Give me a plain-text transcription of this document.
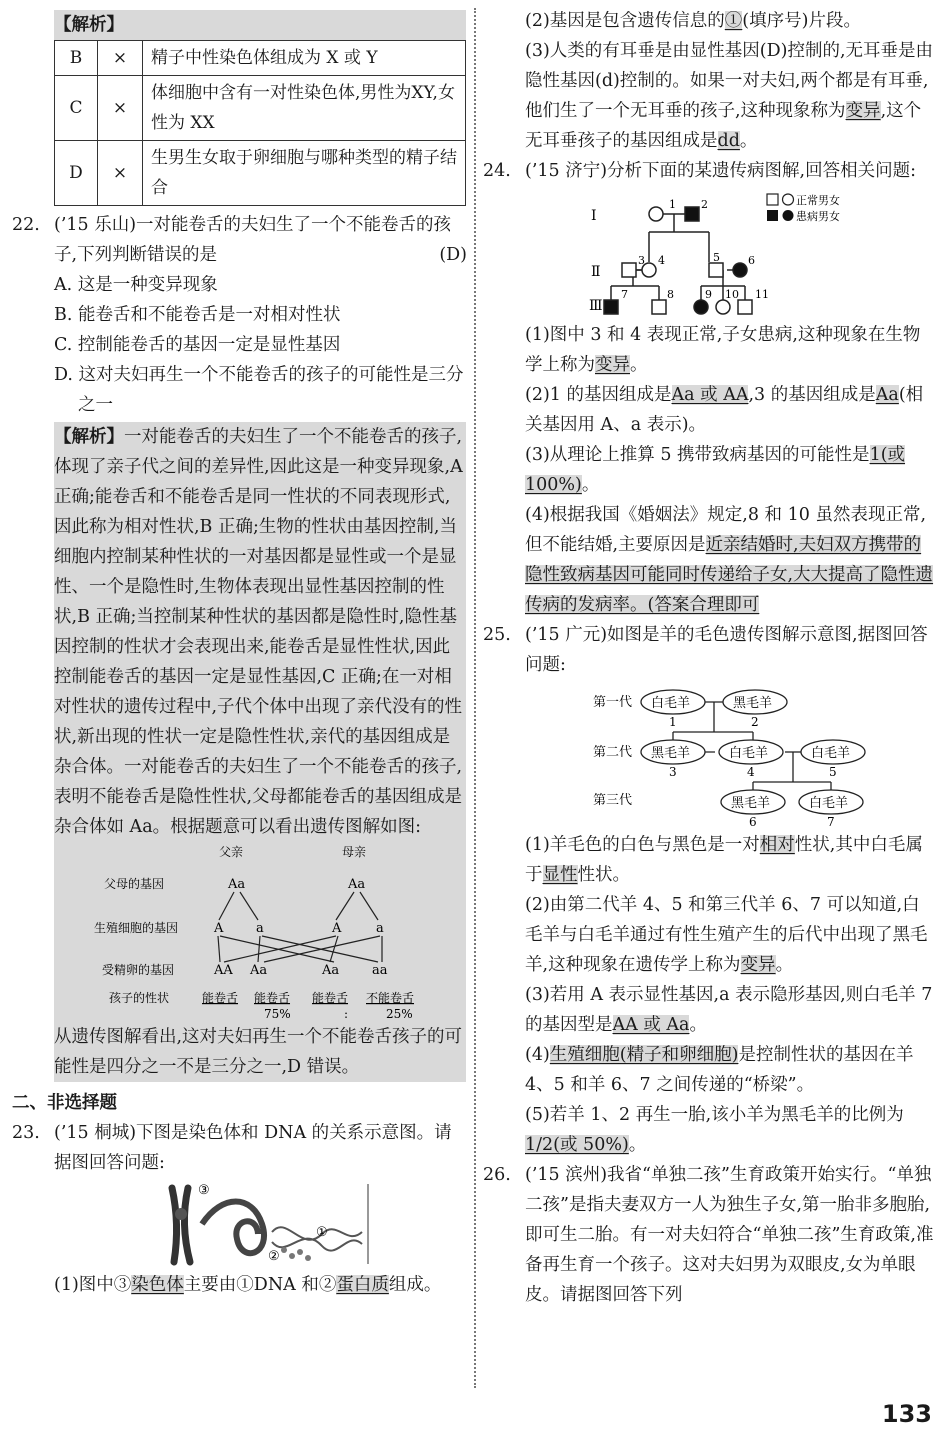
【解析】
B	×	精子中性染色体组成为 X 或 Y
C	×	体细胞中含有一对性染色体,男性为XY,女性为 XX
D	×	生男生女取于卵细胞与哪种类型的精子结合
22. (’15 乐山)一对能卷舌的夫妇生了一个不能卷舌的孩子,下列判断错误的是	(D)
A. 这是一种变异现象
B. 能卷舌和不能卷舌是一对相对性状
C. 控制能卷舌的基因一定是显性基因
D. 这对夫妇再生一个不能卷舌的孩子的可能性是三分之一
【解析】一对能卷舌的夫妇生了一个不能卷舌的孩子,体现了亲子代之间的差异性,因此这是一种变异现象,A 正确;能卷舌和不能卷舌是同一性状的不同表现形式,因此称为相对性状,B 正确;生物的性状由基因控制,当细胞内控制某种性状的一对基因都是显性或一个是显性、一个是隐性时,生物体表现出显性基因控制的性状,B 正确;当控制某种性状的基因都是隐性时,隐性基因控制的性状才会表现出来,能卷舌是显性性状,因此控制能卷舌的基因一定是显性基因,C 正确;在一对相对性状的遗传过程中,子代个体中出现了亲代没有的性状,新出现的性状一定是隐性性状,亲代的基因组成是杂合体。一对能卷舌的夫妇生了一个不能卷舌的孩子,表明不能卷舌是隐性性状,父母都能卷舌的基因组成是杂合体如 Aa。根据题意可以看出遗传图解如图:
父亲	母亲
父母的基因
生殖细胞的基因
受精卵的基因
孩子的性状
Aa	Aa
A	a	A	a
AA Aa	Aa	aa
能卷舌 能卷舌 能卷舌 不能卷舌
75%	:	25%
从遗传图解看出,这对夫妇再生一个不能卷舌孩子的可能性是四分之一不是三分之一,D 错误。
二、非选择题
23. (’15 桐城)下图是染色体和 DNA 的关系示意图。请据图回答问题:
③
①
②
(1)图中③染色体主要由①DNA 和②蛋白质组成。
(2)基因是包含遗传信息的①(填序号)片段。
(3)人类的有耳垂是由显性基因(D)控制的,无耳垂是由隐性基因(d)控制的。如果一对夫妇,两个都是有耳垂,他们生了一个无耳垂的孩子,这种现象称为变异,这个无耳垂孩子的基因组成是dd。
24. (’15 济宁)分析下面的某遗传病图解,回答相关问题:
Ⅰ
Ⅱ
Ⅲ
1 2
3 4	5	6
7	8	9 10 11
正常男女
患病男女
(1)图中 3 和 4 表现正常,子女患病,这种现象在生物学上称为变异。
(2)1 的基因组成是Aa 或 AA,3 的基因组成是Aa(相关基因用 A、a 表示)。
(3)从理论上推算 5 携带致病基因的可能性是1(或 100%)。
(4)根据我国《婚姻法》规定,8 和 10 虽然表现正常,但不能结婚,主要原因是近亲结婚时,夫妇双方携带的隐性致病基因可能同时传递给子女,大大提高了隐性遗传病的发病率。(答案合理即可
25. (’15 广元)如图是羊的毛色遗传图解示意图,据图回答问题:
第一代
第二代
第三代
白毛羊	黑毛羊
黑毛羊	白毛羊	白毛羊
黑毛羊	白毛羊
1	2
3	4	5
6	7
(1)羊毛色的白色与黑色是一对相对性状,其中白毛属于显性性状。
(2)由第二代羊 4、5 和第三代羊 6、7 可以知道,白毛羊与白毛羊通过有性生殖产生的后代中出现了黑毛羊,这种现象在遗传学上称为变异。
(3)若用 A 表示显性基因,a 表示隐形基因,则白毛羊 7 的基因型是AA 或 Aa。
(4)生殖细胞(精子和卵细胞)是控制性状的基因在羊 4、5 和羊 6、7 之间传递的“桥梁”。
(5)若羊 1、2 再生一胎,该小羊为黑毛羊的比例为1/2(或 50%)。
26. (’15 滨州)我省“单独二孩”生育政策开始实行。“单独二孩”是指夫妻双方一人为独生子女,第一胎非多胞胎,即可生二胎。有一对夫妇符合“单独二孩”生育政策,准备再生育一个孩子。这对夫妇男为双眼皮,女为单眼皮。请据图回答下列
133
